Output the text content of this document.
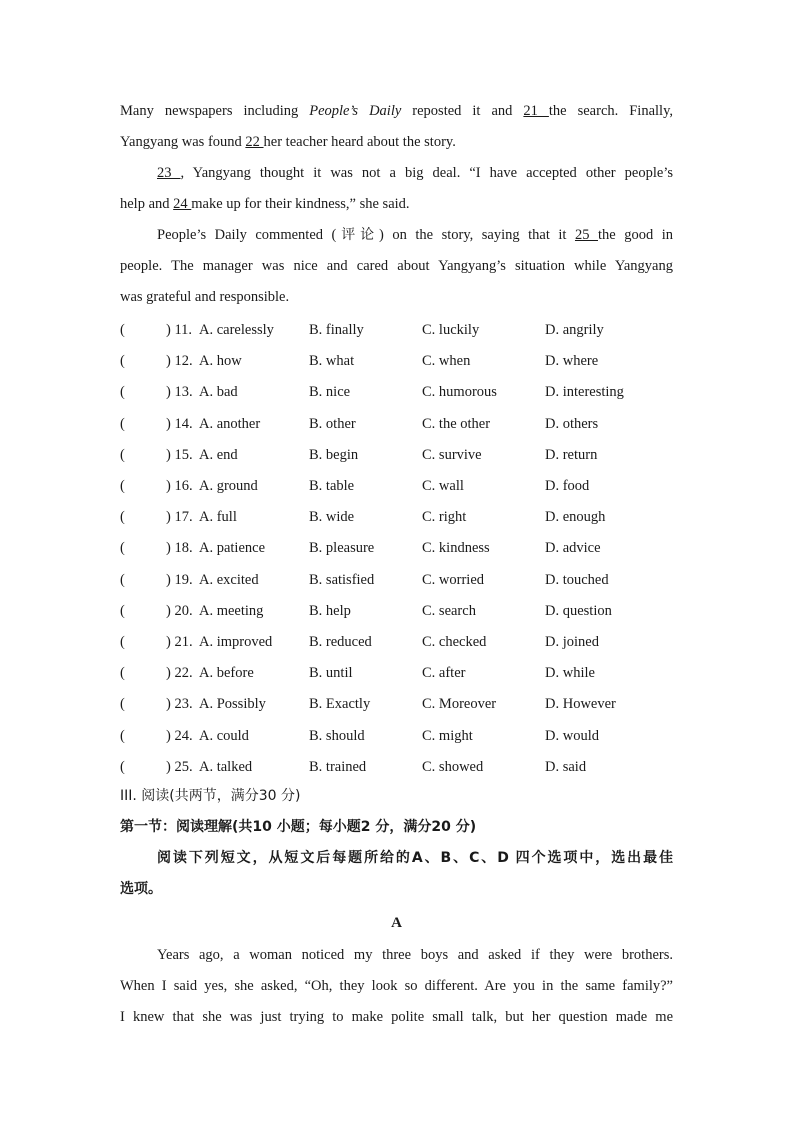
Many newspapers including People’s Daily reposted it and 21 the search. Finally,
Yangyang was found 22 her teacher heard about the story.
23 , Yangyang thought it was not a big deal. “I have accepted other people’s
help and 24 make up for their kindness,” she said.
People’s Daily commented (评论) on the story, saying that it 25 the good in
people. The manager was nice and cared about Yangyang’s situation while Yangyang
was grateful and responsible.
(	) 11. A. carelessly B. finally	C. luckily	D. angrily
(	) 12. A. how	B. what	C. when	D. where
(	) 13. A. bad	B. nice	C. humorous	D. interesting
(	) 14. A. another	B. other	C. the other	D. others
(	) 15. A. end	B. begin	C. survive	D. return
(	) 16. A. ground	B. table	C. wall	D. food
(	) 17. A. full	B. wide	C. right	D. enough
(	) 18. A. patience	B. pleasure	C. kindness	D. advice
(	) 19. A. excited	B. satisfied	C. worried	D. touched
(	) 20. A. meeting	B. help	C. search	D. question
(	) 21. A. improved	B. reduced	C. checked	D. joined
(	) 22. A. before	B. until	C. after	D. while
(	) 23. A. Possibly	B. Exactly	C. Moreover	D. However
(	) 24. A. could	B. should	C. might	D. would
(	) 25. A. talked	B. trained	C. showed	D. said
III. 阅读(共两节，满分30 分)
第一节：阅读理解(共10 小题；每小题2 分，满分20 分)
阅读下列短文，从短文后每题所给的A、B、C、D 四个选项中，选出最佳
选项。
A
Years ago, a woman noticed my three boys and asked if they were brothers.
When I said yes, she asked, “Oh, they look so different. Are you in the same family?”
I knew that she was just trying to make polite small talk, but her question made me
